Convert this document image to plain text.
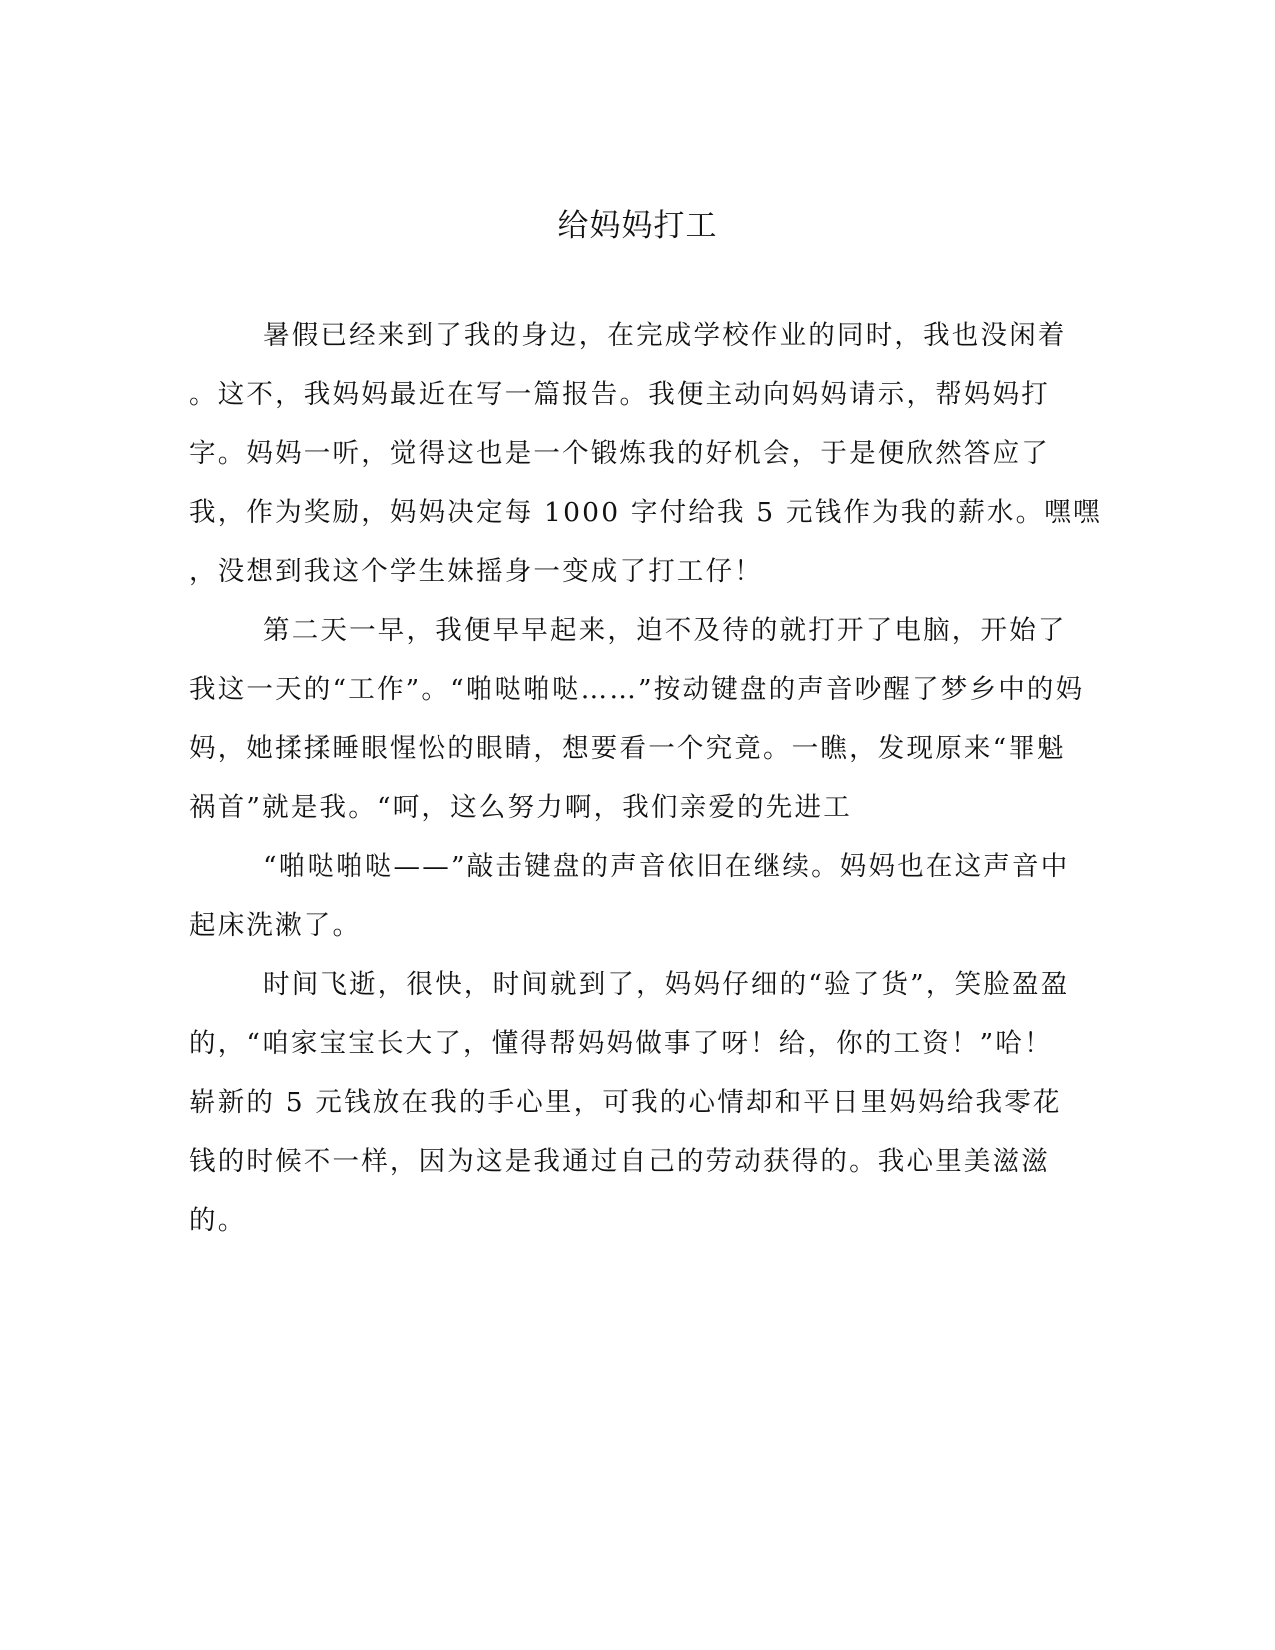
给妈妈打工
暑假已经来到了我的身边，在完成学校作业的同时，我也没闲着
。这不，我妈妈最近在写一篇报告。我便主动向妈妈请示，帮妈妈打
字。妈妈一听，觉得这也是一个锻炼我的好机会，于是便欣然答应了
我，作为奖励，妈妈决定每 1000 字付给我 5 元钱作为我的薪水。嘿嘿
，没想到我这个学生妹摇身一变成了打工仔！
第二天一早，我便早早起来，迫不及待的就打开了电脑，开始了
我这一天的“工作”。“啪哒啪哒……”按动键盘的声音吵醒了梦乡中的妈
妈，她揉揉睡眼惺忪的眼睛，想要看一个究竟。一瞧，发现原来“罪魁
祸首”就是我。“呵，这么努力啊，我们亲爱的先进工
“啪哒啪哒——”敲击键盘的声音依旧在继续。妈妈也在这声音中
起床洗漱了。
时间飞逝，很快，时间就到了，妈妈仔细的“验了货”，笑脸盈盈
的，“咱家宝宝长大了，懂得帮妈妈做事了呀！给，你的工资！”哈！
崭新的 5 元钱放在我的手心里，可我的心情却和平日里妈妈给我零花
钱的时候不一样，因为这是我通过自己的劳动获得的。我心里美滋滋
的。
